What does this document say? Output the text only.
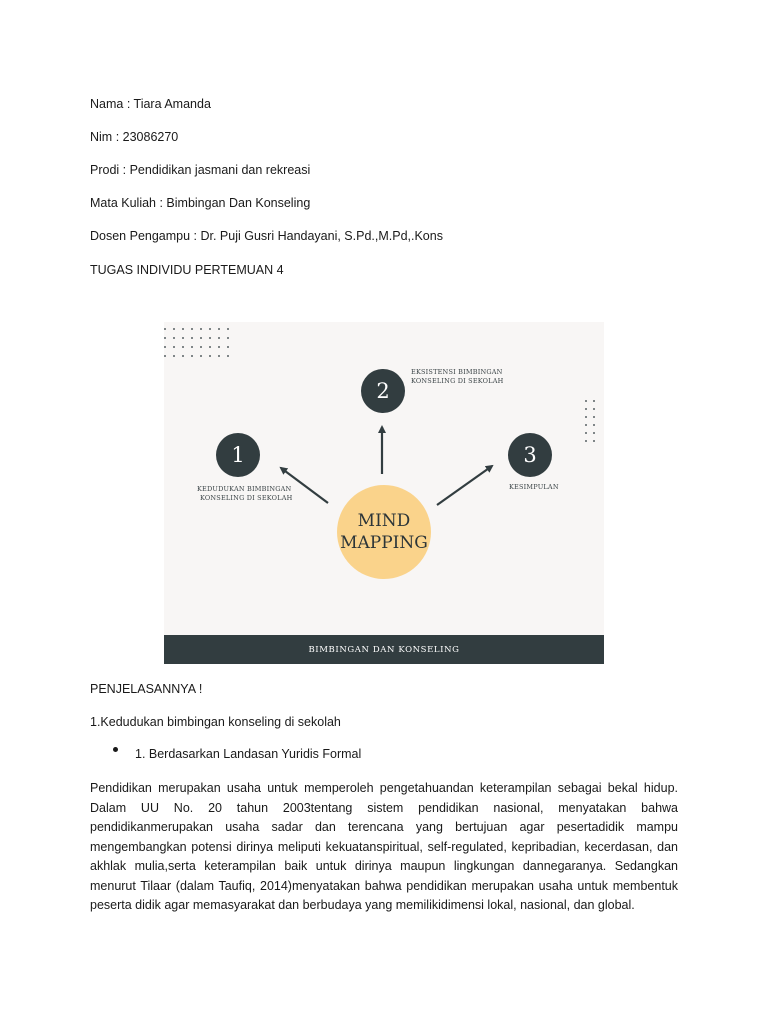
Nama : Tiara Amanda
Nim : 23086270
Prodi : Pendidikan jasmani dan rekreasi
Mata Kuliah : Bimbingan Dan Konseling
Dosen Pengampu : Dr. Puji Gusri Handayani, S.Pd.,M.Pd,.Kons
TUGAS INDIVIDU PERTEMUAN 4
1
KEDUDUKAN BIMBINGAN
KONSELING DI SEKOLAH
2
EKSISTENSI BIMBINGAN
KONSELING DI SEKOLAH
3
KESIMPULAN
MIND
MAPPING
BIMBINGAN DAN KONSELING
PENJELASANNYA !
1.Kedudukan bimbingan konseling di sekolah
1. Berdasarkan Landasan Yuridis Formal

Pendidikan merupakan usaha untuk memperoleh pengetahuandan keterampilan sebagai bekal hidup. Dalam UU No. 20 tahun 2003tentang sistem pendidikan nasional, menyatakan bahwa pendidikanmerupakan usaha sadar dan terencana yang bertujuan agar pesertadidik mampu mengembangkan potensi dirinya meliputi kekuatanspiritual, self-regulated, kepribadian, kecerdasan, dan akhlak mulia,serta keterampilan baik untuk dirinya maupun lingkungan dannegaranya. Sedangkan menurut Tilaar (dalam Taufiq, 2014)menyatakan bahwa pendidikan merupakan usaha untuk membentuk peserta didik agar memasyarakat dan berbudaya yang memilikidimensi lokal, nasional, dan global.
